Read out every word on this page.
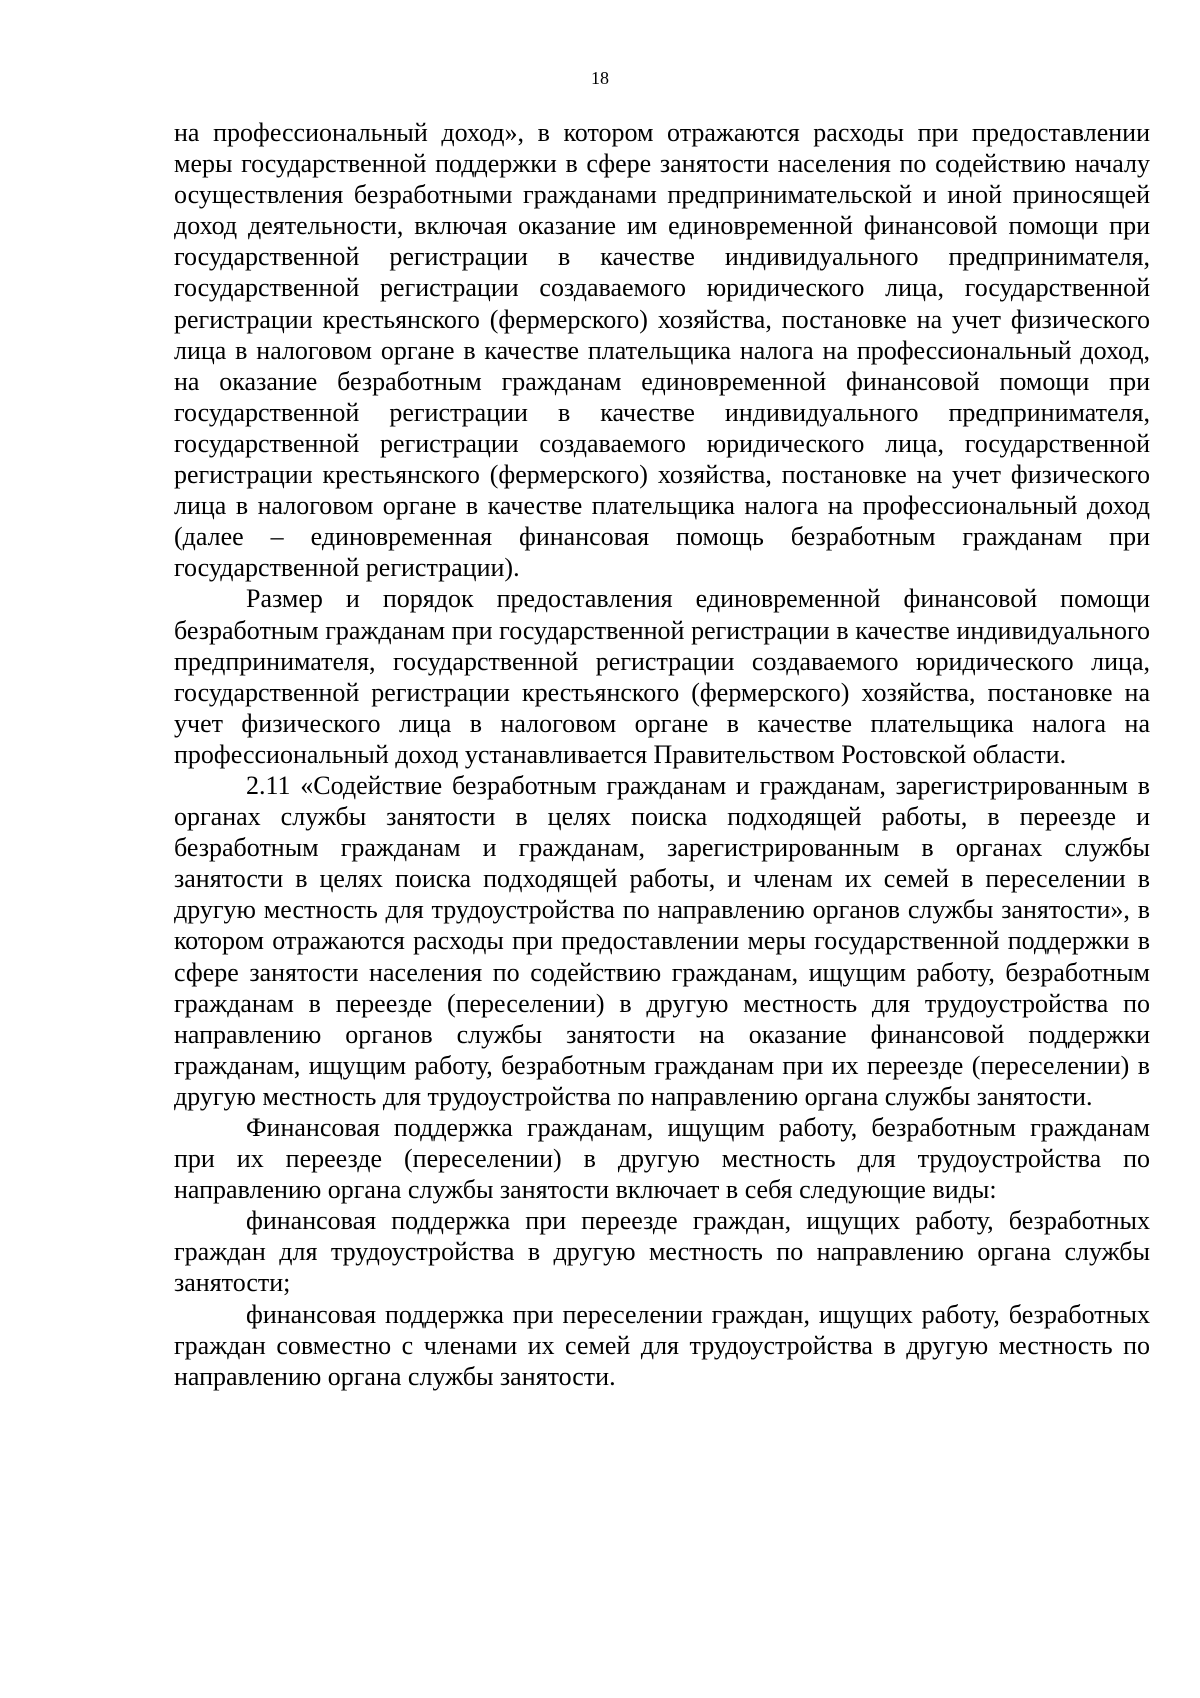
18

на профессиональный доход», в котором отражаются расходы при предоставлении меры государственной поддержки в сфере занятости населения по содействию началу осуществления безработными гражданами предпринимательской и иной приносящей доход деятельности, включая оказание им единовременной финансовой помощи при государственной регистрации в качестве индивидуального предпринимателя, государственной регистрации создаваемого юридического лица, государственной регистрации крестьянского (фермерского) хозяйства, постановке на учет физического лица в налоговом органе в качестве плательщика налога на профессиональный доход, на оказание безработным гражданам единовременной финансовой помощи при государственной регистрации в качестве индивидуального предпринимателя, государственной регистрации создаваемого юридического лица, государственной регистрации крестьянского (фермерского) хозяйства, постановке на учет физического лица в налоговом органе в качестве плательщика налога на профессиональный доход (далее – единовременная финансовая помощь безработным гражданам при государственной регистрации).

Размер и порядок предоставления единовременной финансовой помощи безработным гражданам при государственной регистрации в качестве индивидуального предпринимателя, государственной регистрации создаваемого юридического лица, государственной регистрации крестьянского (фермерского) хозяйства, постановке на учет физического лица в налоговом органе в качестве плательщика налога на профессиональный доход устанавливается Правительством Ростовской области.

2.11 «Содействие безработным гражданам и гражданам, зарегистрированным в органах службы занятости в целях поиска подходящей работы, в переезде и безработным гражданам и гражданам, зарегистрированным в органах службы занятости в целях поиска подходящей работы, и членам их семей в переселении в другую местность для трудоустройства по направлению органов службы занятости», в котором отражаются расходы при предоставлении меры государственной поддержки в сфере занятости населения по содействию гражданам, ищущим работу, безработным гражданам в переезде (переселении) в другую местность для трудоустройства по направлению органов службы занятости на оказание финансовой поддержки гражданам, ищущим работу, безработным гражданам при их переезде (переселении) в другую местность для трудоустройства по направлению органа службы занятости.

Финансовая поддержка гражданам, ищущим работу, безработным гражданам при их переезде (переселении) в другую местность для трудоустройства по направлению органа службы занятости включает в себя следующие виды:

финансовая поддержка при переезде граждан, ищущих работу, безработных граждан для трудоустройства в другую местность по направлению органа службы занятости;

финансовая поддержка при переселении граждан, ищущих работу, безработных граждан совместно с членами их семей для трудоустройства в другую местность по направлению органа службы занятости.
